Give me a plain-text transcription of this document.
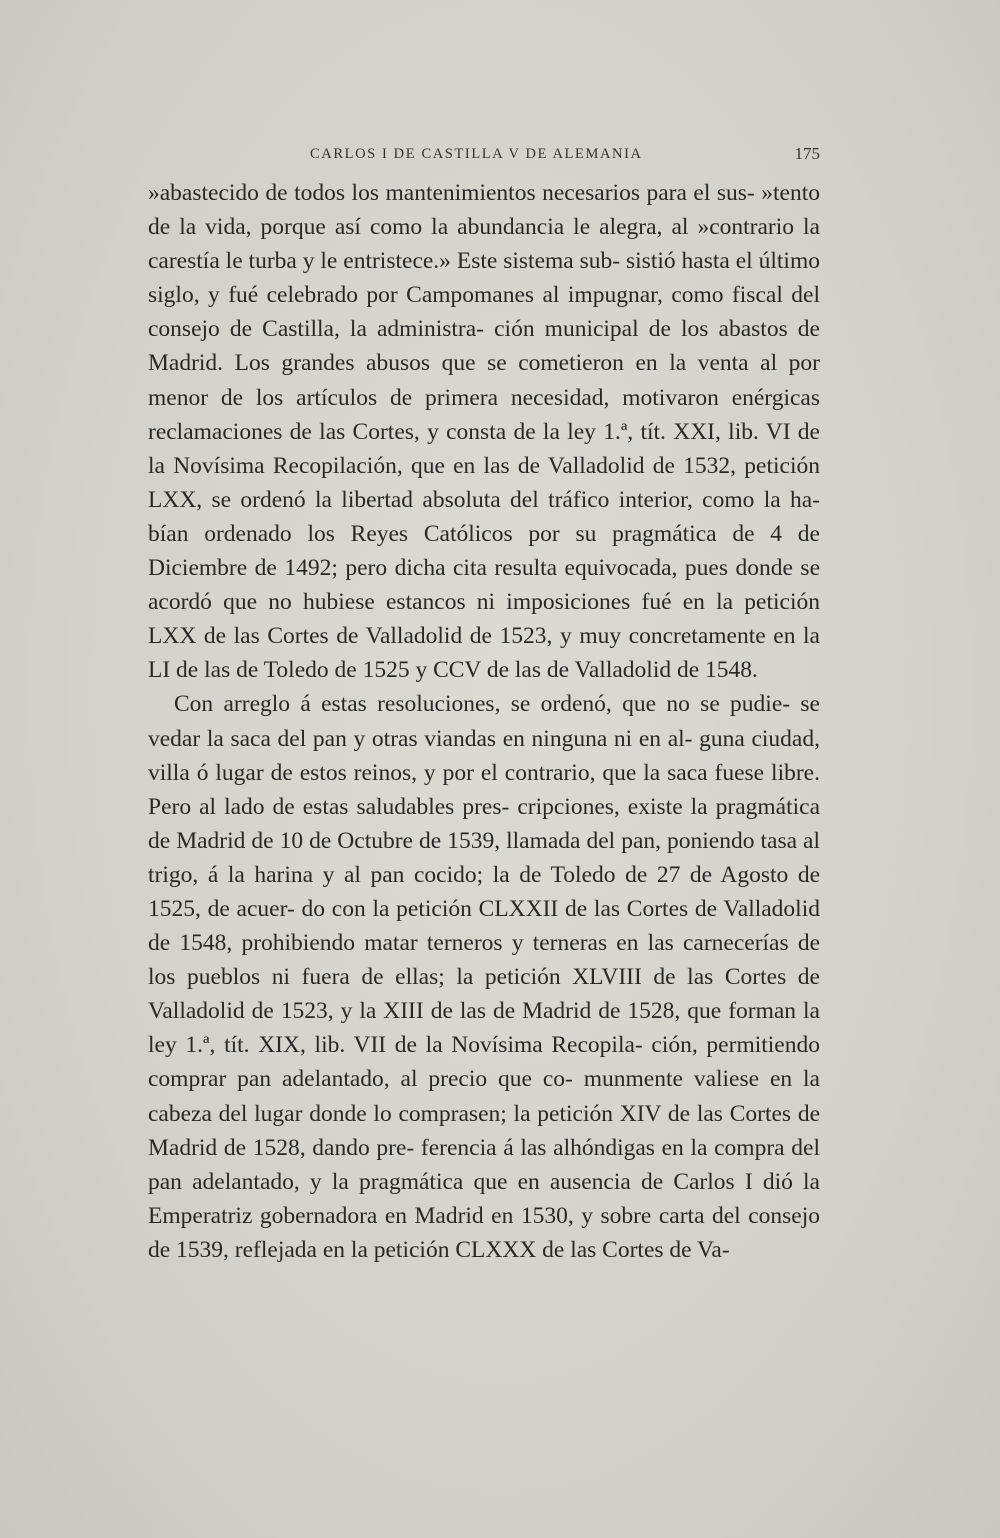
CARLOS I DE CASTILLA V DE ALEMANIA	175

»abastecido de todos los mantenimientos necesarios para el sus- »tento de la vida, porque así como la abundancia le alegra, al »contrario la carestía le turba y le entristece.» Este sistema sub- sistió hasta el último siglo, y fué celebrado por Campomanes al impugnar, como fiscal del consejo de Castilla, la administra- ción municipal de los abastos de Madrid. Los grandes abusos que se cometieron en la venta al por menor de los artículos de primera necesidad, motivaron enérgicas reclamaciones de las Cortes, y consta de la ley 1.ª, tít. XXI, lib. VI de la Novísima Recopilación, que en las de Valladolid de 1532, petición LXX, se ordenó la libertad absoluta del tráfico interior, como la ha- bían ordenado los Reyes Católicos por su pragmática de 4 de Diciembre de 1492; pero dicha cita resulta equivocada, pues donde se acordó que no hubiese estancos ni imposiciones fué en la petición LXX de las Cortes de Valladolid de 1523, y muy concretamente en la LI de las de Toledo de 1525 y CCV de las de Valladolid de 1548.

Con arreglo á estas resoluciones, se ordenó, que no se pudie- se vedar la saca del pan y otras viandas en ninguna ni en al- guna ciudad, villa ó lugar de estos reinos, y por el contrario, que la saca fuese libre. Pero al lado de estas saludables pres- cripciones, existe la pragmática de Madrid de 10 de Octubre de 1539, llamada del pan, poniendo tasa al trigo, á la harina y al pan cocido; la de Toledo de 27 de Agosto de 1525, de acuer- do con la petición CLXXII de las Cortes de Valladolid de 1548, prohibiendo matar terneros y terneras en las carnecerías de los pueblos ni fuera de ellas; la petición XLVIII de las Cortes de Valladolid de 1523, y la XIII de las de Madrid de 1528, que forman la ley 1.ª, tít. XIX, lib. VII de la Novísima Recopila- ción, permitiendo comprar pan adelantado, al precio que co- munmente valiese en la cabeza del lugar donde lo comprasen; la petición XIV de las Cortes de Madrid de 1528, dando pre- ferencia á las alhóndigas en la compra del pan adelantado, y la pragmática que en ausencia de Carlos I dió la Emperatriz gobernadora en Madrid en 1530, y sobre carta del consejo de 1539, reflejada en la petición CLXXX de las Cortes de Va-
